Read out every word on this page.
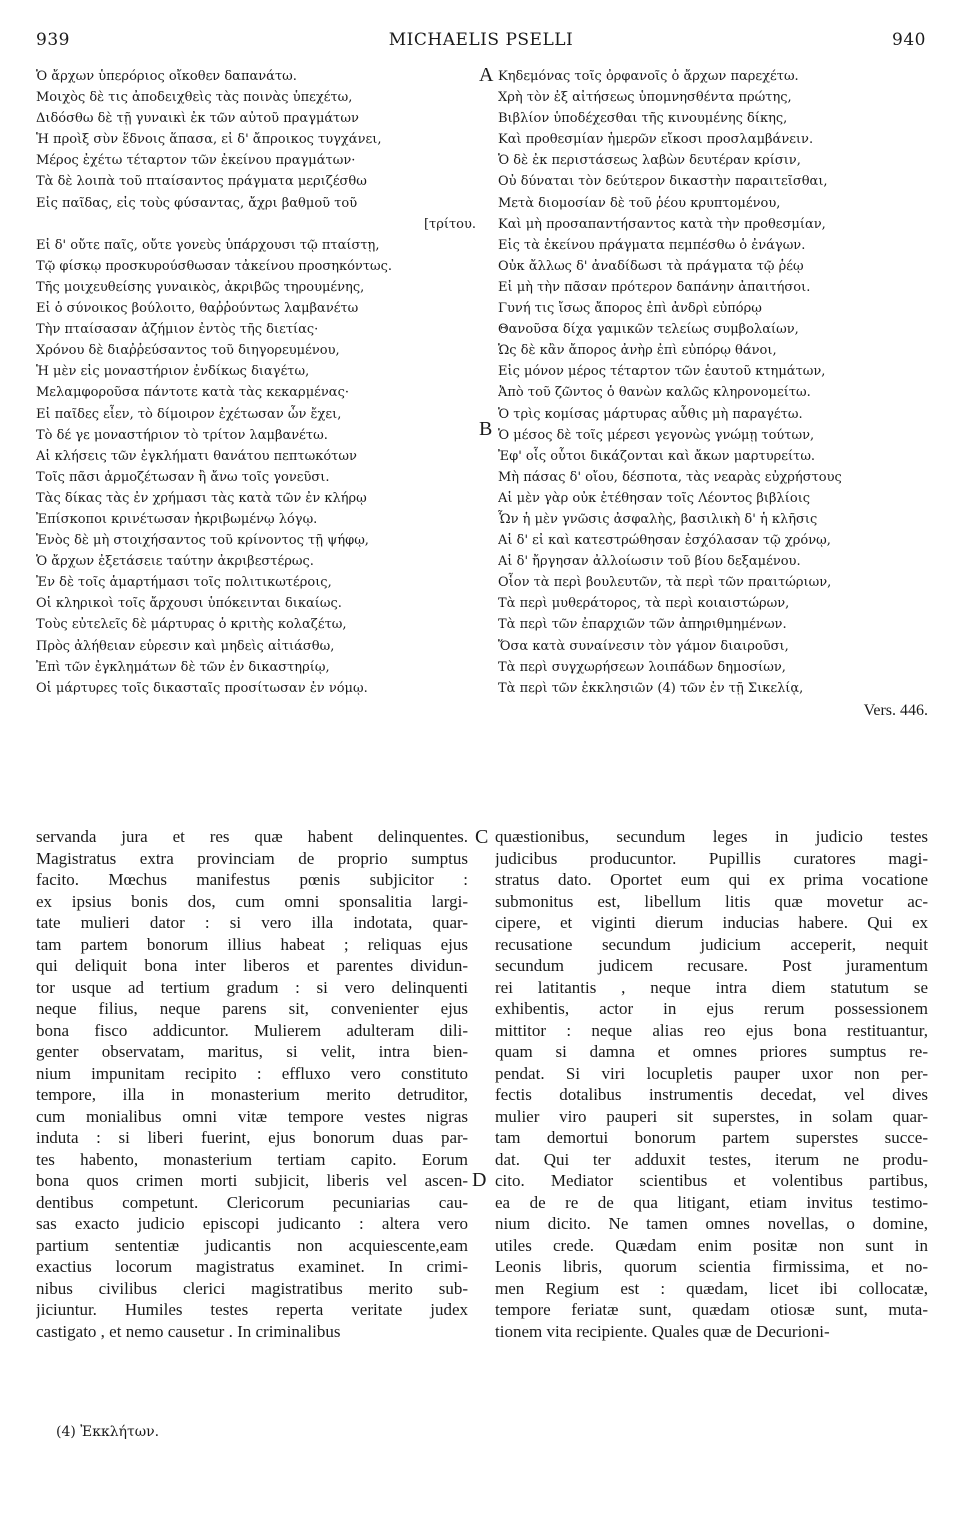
939	MICHAELIS PSELLI	940
Ὁ ἄρχων ὑπερόριος οἴκοθεν δαπανάτω.
Μοιχὸς δὲ τις ἀποδειχθεὶς τὰς ποινὰς ὑπεχέτω,
Διδόσθω δὲ τῇ γυναικὶ ἐκ τῶν αὐτοῦ πραγμάτων
Ἡ προὶξ σὺν ἕδνοις ἅπασα, εἰ δ' ἄπροικος τυγχάνει,
Μέρος ἐχέτω τέταρτον τῶν ἐκείνου πραγμάτων·
Τὰ δὲ λοιπὰ τοῦ πταίσαντος πράγματα μεριζέσθω
Εἰς παῖδας, εἰς τοὺς φύσαντας, ἄχρι βαθμοῦ τοῦ
[τρίτου.
Εἰ δ' οὔτε παῖς, οὔτε γονεὺς ὑπάρχουσι τῷ πταίστῃ,
Τῷ φίσκῳ προσκυρούσθωσαν τἀκείνου προσηκόντως.
Τῆς μοιχευθείσης γυναικὸς, ἀκριβῶς τηρουμένης,
Εἰ ὁ σύνοικος βούλοιτο, θαῤῥούντως λαμβανέτω
Τὴν πταίσασαν ἀζήμιον ἐντὸς τῆς διετίας·
Χρόνου δὲ διαῤῥεύσαντος τοῦ διηγορευμένου,
Ἡ μὲν εἰς μοναστήριον ἐνδίκως διαγέτω,
Μελαμφοροῦσα πάντοτε κατὰ τὰς κεκαρμένας·
Εἰ παῖδες εἶεν, τὸ δίμοιρον ἐχέτωσαν ὧν ἔχει,
Τὸ δέ γε μοναστήριον τὸ τρίτον λαμβανέτω.
Αἱ κλήσεις τῶν ἐγκλήματι θανάτου πεπτωκότων
Τοῖς πᾶσι ἁρμοζέτωσαν ἢ ἄνω τοῖς γονεῦσι.
Τὰς δίκας τὰς ἐν χρήμασι τὰς κατὰ τῶν ἐν κλήρῳ
Ἐπίσκοποι κρινέτωσαν ἠκριβωμένῳ λόγῳ.
Ἑνὸς δὲ μὴ στοιχήσαντος τοῦ κρίνοντος τῇ ψήφῳ,
Ὁ ἄρχων ἐξετάσειε ταύτην ἀκριβεστέρως.
Ἐν δὲ τοῖς ἁμαρτήμασι τοῖς πολιτικωτέροις,
Οἱ κληρικοὶ τοῖς ἄρχουσι ὑπόκεινται δικαίως.
Τοὺς εὐτελεῖς δὲ μάρτυρας ὁ κριτὴς κολαζέτω,
Πρὸς ἀλήθειαν εὑρεσιν καὶ μηδεὶς αἰτιάσθω,
Ἐπὶ τῶν ἐγκλημάτων δὲ τῶν ἐν δικαστηρίῳ,
Οἱ μάρτυρες τοῖς δικασταῖς προσίτωσαν ἐν νόμῳ.
Κηδεμόνας τοῖς ὀρφανοῖς ὁ ἄρχων παρεχέτω.
Χρὴ τὸν ἐξ αἰτήσεως ὑπομνησθέντα πρώτης,
Βιβλίον ὑποδέχεσθαι τῆς κινουμένης δίκης,
Καὶ προθεσμίαν ἡμερῶν εἴκοσι προσλαμβάνειν.
Ὁ δὲ ἐκ περιστάσεως λαβὼν δευτέραν κρίσιν,
Οὐ δύναται τὸν δεύτερον δικαστὴν παραιτεῖσθαι,
Μετὰ διομοσίαν δὲ τοῦ ῥέου κρυπτομένου,
Καὶ μὴ προσαπαντήσαντος κατὰ τὴν προθεσμίαν,
Εἰς τὰ ἐκείνου πράγματα πεμπέσθω ὁ ἐνάγων.
Οὐκ ἄλλως δ' ἀναδίδωσι τὰ πράγματα τῷ ῥέῳ
Εἰ μὴ τὴν πᾶσαν πρότερον δαπάνην ἀπαιτήσοι.
Γυνή τις ἴσως ἄπορος ἐπὶ ἀνδρὶ εὐπόρῳ
Θανοῦσα δίχα γαμικῶν τελείως συμβολαίων,
Ὡς δὲ κἂν ἄπορος ἀνὴρ ἐπὶ εὐπόρῳ θάνοι,
Εἰς μόνον μέρος τέταρτον τῶν ἑαυτοῦ κτημάτων,
Ἀπὸ τοῦ ζῶντος ὁ θανὼν καλῶς κληρονομείτω.
Ὁ τρὶς κομίσας μάρτυρας αὖθις μὴ παραγέτω.
Ὁ μέσος δὲ τοῖς μέρεσι γεγονὼς γνώμῃ τούτων,
Ἐφ' οἷς οὗτοι δικάζονται καὶ ἄκων μαρτυρείτω.
Μὴ πάσας δ' οἴου, δέσποτα, τὰς νεαρὰς εὐχρήστους
Αἱ μὲν γὰρ οὐκ ἐτέθησαν τοῖς Λέοντος βιβλίοις
Ὧν ἡ μὲν γνῶσις ἀσφαλὴς, βασιλικὴ δ' ἡ κλῆσις
Αἱ δ' εἰ καὶ κατεστρώθησαν ἐσχόλασαν τῷ χρόνῳ,
Αἱ δ' ἤργησαν ἀλλοίωσιν τοῦ βίου δεξαμένου.
Οἷον τὰ περὶ βουλευτῶν, τὰ περὶ τῶν πραιτώριων,
Τὰ περὶ μυθεράτορος, τὰ περὶ κοιαιστώρων,
Τὰ περὶ τῶν ἐπαρχιῶν τῶν ἀπηριθμημένων.
Ὅσα κατὰ συναίνεσιν τὸν γάμον διαιροῦσι,
Τὰ περὶ συγχωρήσεων λοιπάδων δημοσίων,
Τὰ περὶ τῶν ἐκκλησιῶν (4) τῶν ἐν τῇ Σικελίᾳ,
Vers. 446.
A
B
C
D
servanda jura et res quæ habent delinquentes.
Magistratus extra provinciam de proprio sumptus
facito. Mœchus manifestus pœnis subjicitor :
ex ipsius bonis dos, cum omni sponsalitia largi-
tate mulieri dator : si vero illa indotata, quar-
tam partem bonorum illius habeat ; reliquas ejus
qui deliquit bona inter liberos et parentes dividun-
tor usque ad tertium gradum : si vero delinquenti
neque filius, neque parens sit, convenienter ejus
bona fisco addicuntor. Mulierem adulteram dili-
genter observatam, maritus, si velit, intra bien-
nium impunitam recipito : effluxo vero constituto
tempore, illa in monasterium merito detruditor,
cum monialibus omni vitæ tempore vestes nigras
induta : si liberi fuerint, ejus bonorum duas par-
tes habento, monasterium tertiam capito. Eorum
bona quos crimen morti subjicit, liberis vel ascen-
dentibus competunt. Clericorum pecuniarias cau-
sas exacto judicio episcopi judicanto : altera vero
partium sententiæ judicantis non acquiescente,eam
exactius locorum magistratus examinet. In crimi-
nibus civilibus clerici magistratibus merito sub-
jiciuntur. Humiles testes reperta veritate judex
castigato , et nemo causetur . In criminalibus
quæstionibus, secundum leges in judicio testes
judicibus producuntor. Pupillis curatores magi-
stratus dato. Oportet eum qui ex prima vocatione
submonitus est, libellum litis quæ movetur ac-
cipere, et viginti dierum inducias habere. Qui ex
recusatione secundum judicium acceperit, nequit
secundum judicem recusare. Post juramentum
rei latitantis , neque intra diem statutum se
exhibentis, actor in ejus rerum possessionem
mittitor : neque alias reo ejus bona restituantur,
quam si damna et omnes priores sumptus re-
pendat. Si viri locupletis pauper uxor non per-
fectis dotalibus instrumentis decedat, vel dives
mulier viro pauperi sit superstes, in solam quar-
tam demortui bonorum partem superstes succe-
dat. Qui ter adduxit testes, iterum ne produ-
cito. Mediator scientibus et volentibus partibus,
ea de re de qua litigant, etiam invitus testimo-
nium dicito. Ne tamen omnes novellas, o domine,
utiles crede. Quædam enim positæ non sunt in
Leonis libris, quorum scientia firmissima, et no-
men Regium est : quædam, licet ibi collocatæ,
tempore feriatæ sunt, quædam otiosæ sunt, muta-
tionem vita recipiente. Quales quæ de Decurioni-
(4) Ἐκκλήτων.
